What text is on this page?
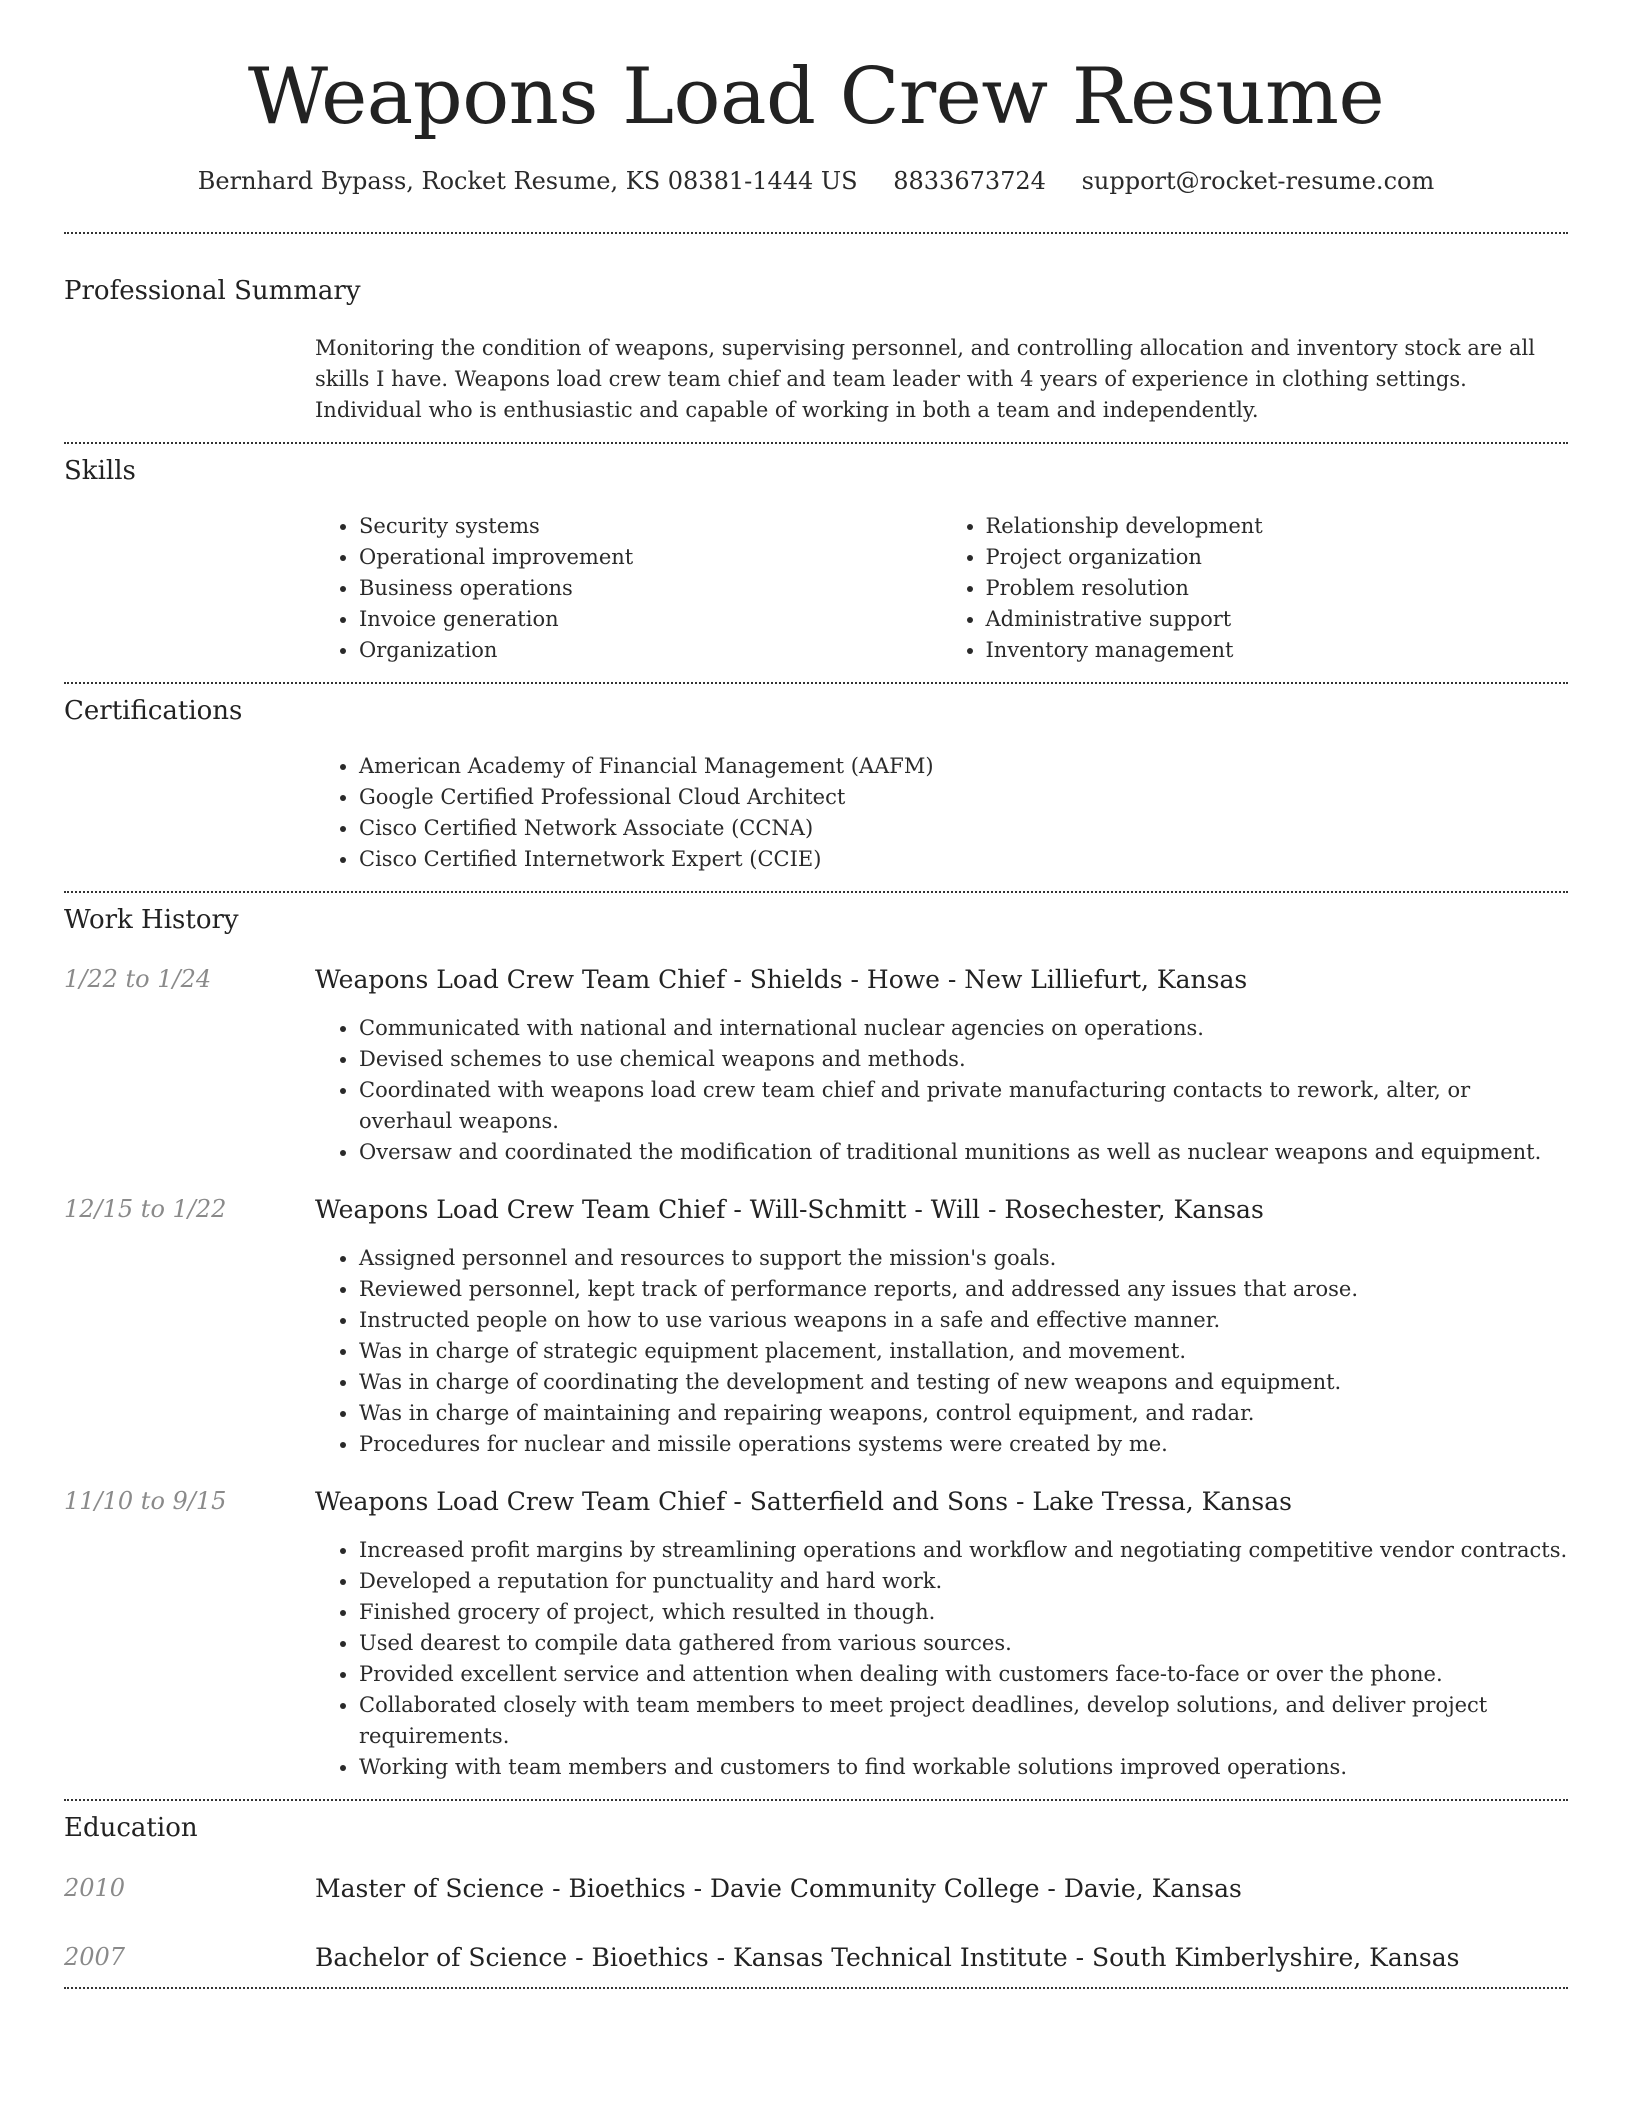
Weapons Load Crew Resume
Bernhard Bypass, Rocket Resume, KS 08381-1444 US 8833673724 support@rocket-resume.com
Professional Summary
Monitoring the condition of weapons, supervising personnel, and controlling allocation and inventory stock are all skills I have. Weapons load crew team chief and team leader with 4 years of experience in clothing settings. Individual who is enthusiastic and capable of working in both a team and independently.
Skills
• Security systems
• Operational improvement
• Business operations
• Invoice generation
• Organization
• Relationship development
• Project organization
• Problem resolution
• Administrative support
• Inventory management
Certifications
• American Academy of Financial Management (AAFM)
• Google Certified Professional Cloud Architect
• Cisco Certified Network Associate (CCNA)
• Cisco Certified Internetwork Expert (CCIE)
Work History
1/22 to 1/24	Weapons Load Crew Team Chief - Shields - Howe - New Lilliefurt, Kansas
• Communicated with national and international nuclear agencies on operations.
• Devised schemes to use chemical weapons and methods.
• Coordinated with weapons load crew team chief and private manufacturing contacts to rework, alter, or overhaul weapons.
• Oversaw and coordinated the modification of traditional munitions as well as nuclear weapons and equipment.
12/15 to 1/22	Weapons Load Crew Team Chief - Will-Schmitt - Will - Rosechester, Kansas
• Assigned personnel and resources to support the mission's goals.
• Reviewed personnel, kept track of performance reports, and addressed any issues that arose.
• Instructed people on how to use various weapons in a safe and effective manner.
• Was in charge of strategic equipment placement, installation, and movement.
• Was in charge of coordinating the development and testing of new weapons and equipment.
• Was in charge of maintaining and repairing weapons, control equipment, and radar.
• Procedures for nuclear and missile operations systems were created by me.
11/10 to 9/15	Weapons Load Crew Team Chief - Satterfield and Sons - Lake Tressa, Kansas
• Increased profit margins by streamlining operations and workflow and negotiating competitive vendor contracts.
• Developed a reputation for punctuality and hard work.
• Finished grocery of project, which resulted in though.
• Used dearest to compile data gathered from various sources.
• Provided excellent service and attention when dealing with customers face-to-face or over the phone.
• Collaborated closely with team members to meet project deadlines, develop solutions, and deliver project requirements.
• Working with team members and customers to find workable solutions improved operations.
Education
2010	Master of Science - Bioethics - Davie Community College - Davie, Kansas
2007	Bachelor of Science - Bioethics - Kansas Technical Institute - South Kimberlyshire, Kansas
